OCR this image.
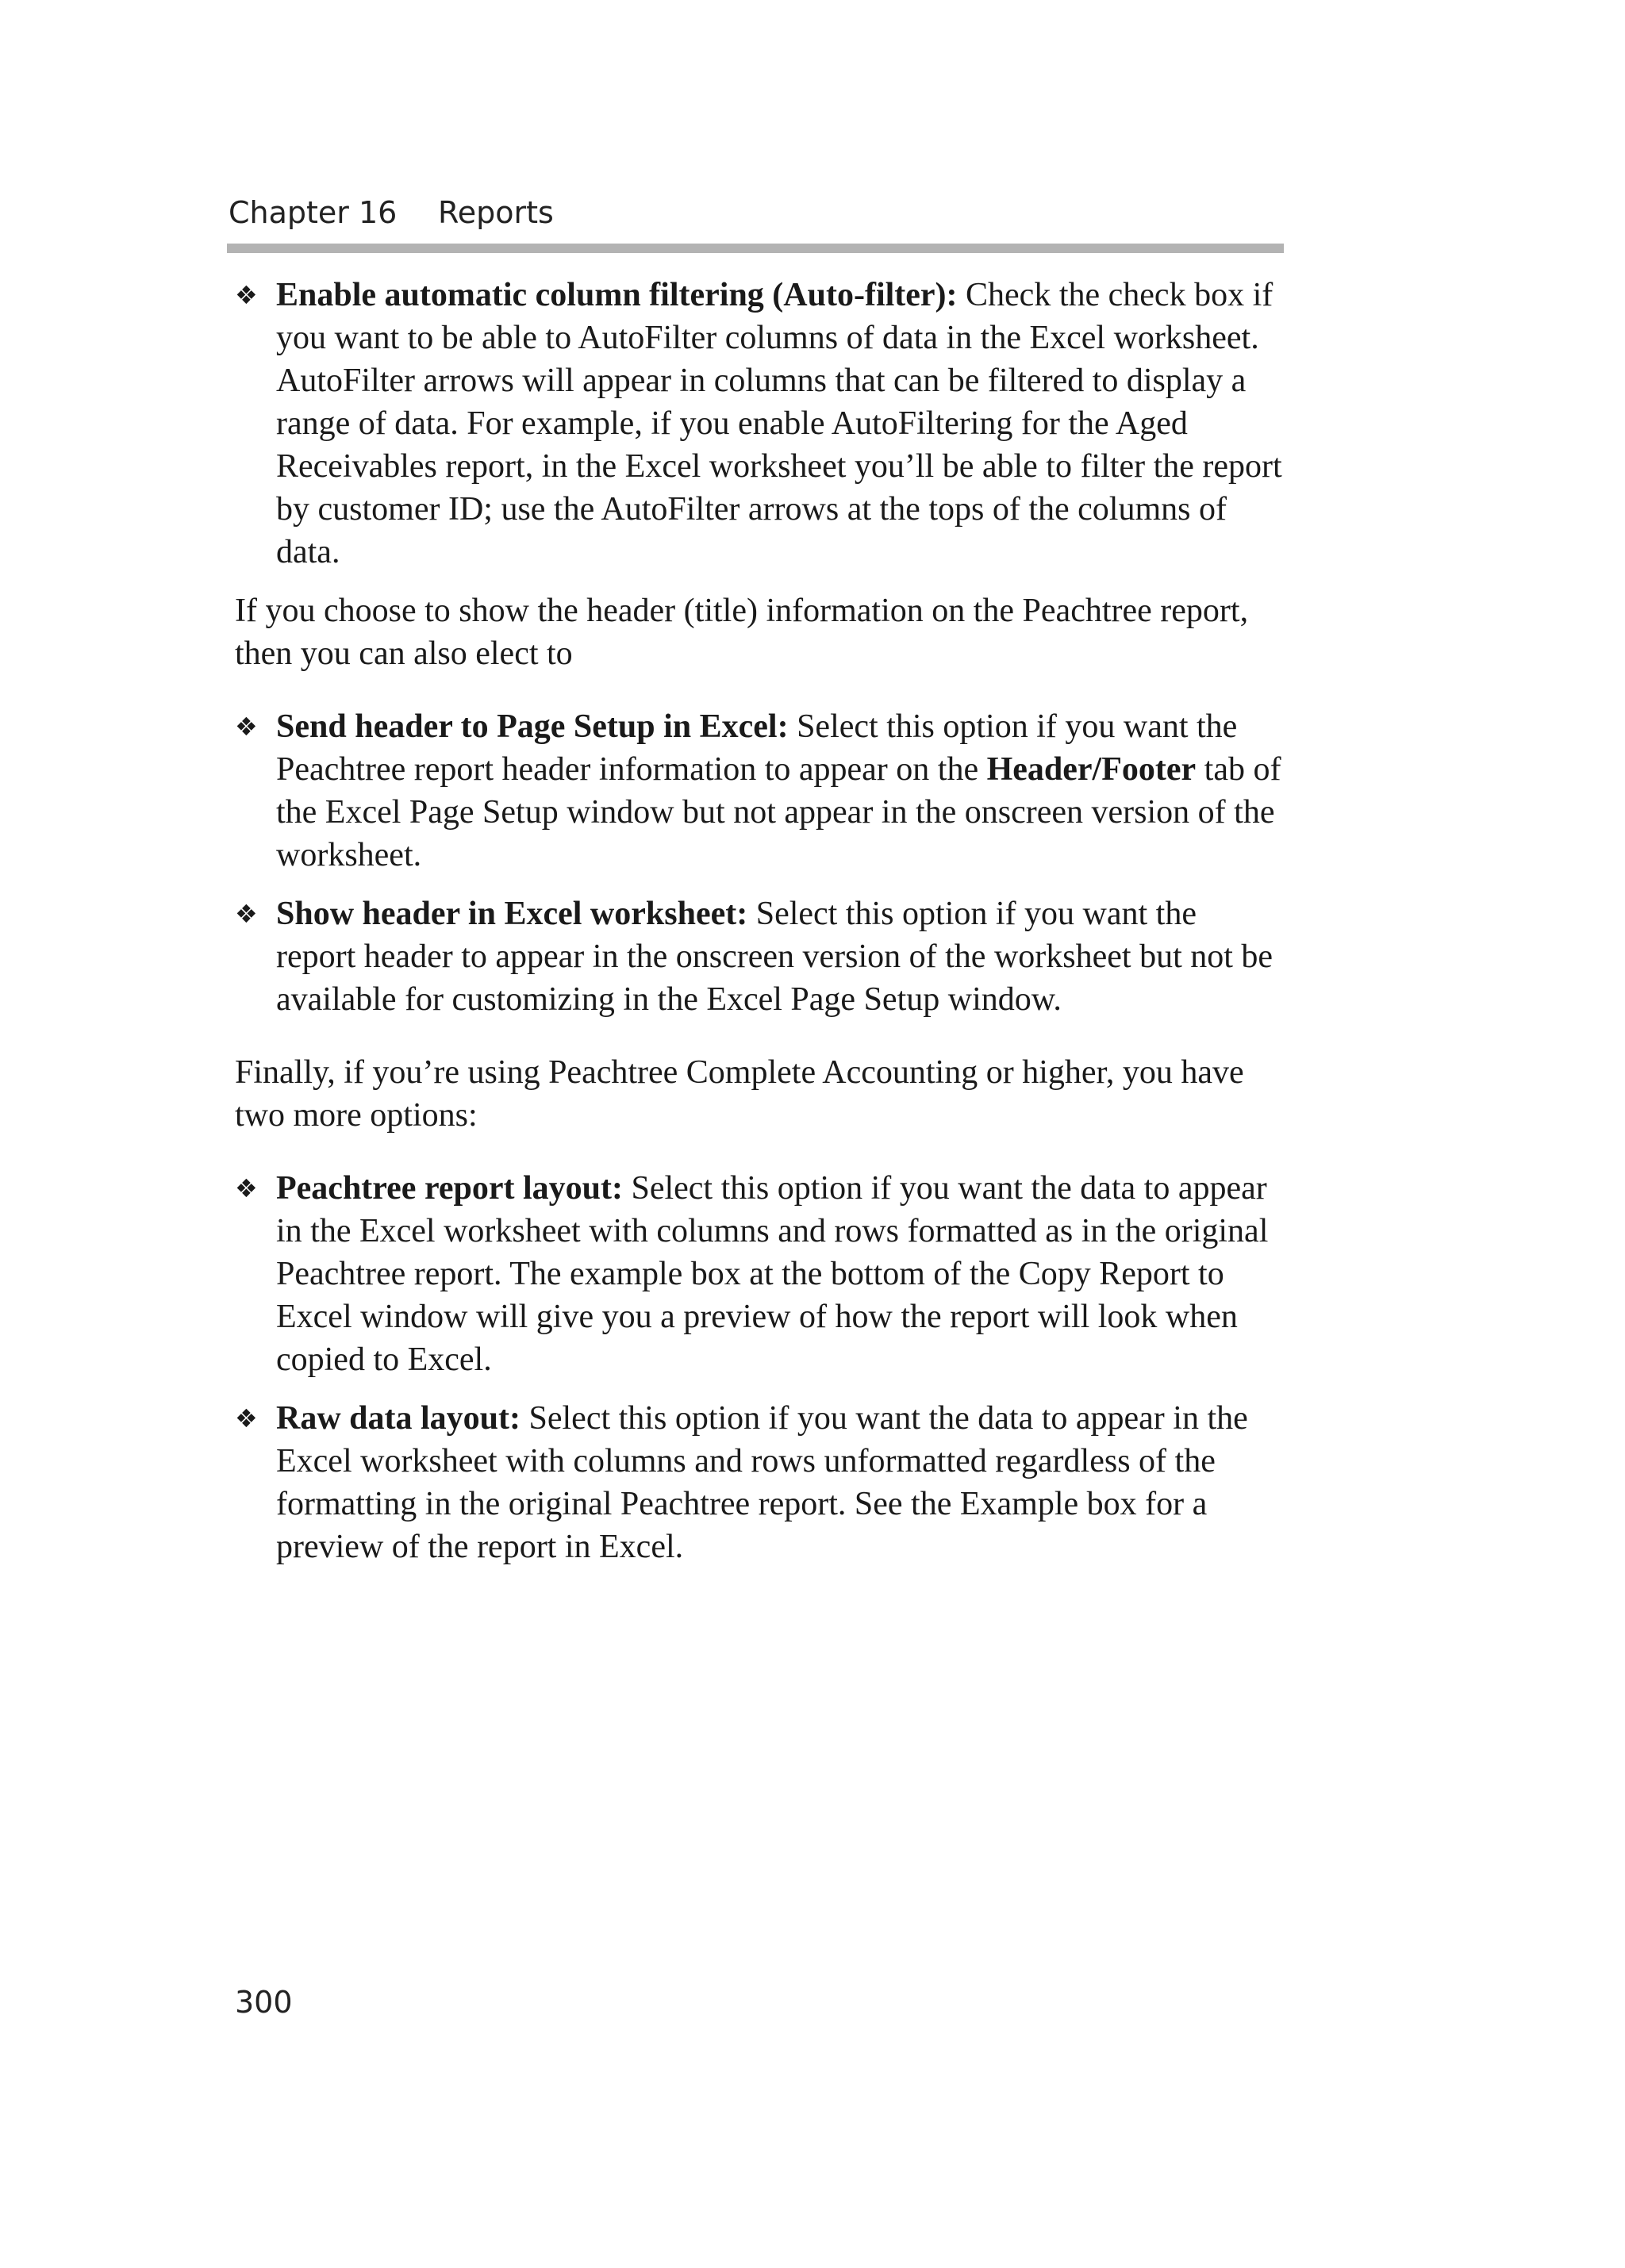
Chapter 16 Reports
❖ Enable automatic column filtering (Auto-filter): Check the check box if you want to be able to AutoFilter columns of data in the Excel worksheet. AutoFilter arrows will appear in columns that can be filtered to display a range of data. For example, if you enable AutoFiltering for the Aged Receivables report, in the Excel worksheet you’ll be able to filter the report by customer ID; use the AutoFilter arrows at the tops of the columns of data.

If you choose to show the header (title) information on the Peachtree report, then you can also elect to

❖ Send header to Page Setup in Excel: Select this option if you want the Peachtree report header information to appear on the Header/Footer tab of the Excel Page Setup window but not appear in the onscreen version of the worksheet.
❖ Show header in Excel worksheet: Select this option if you want the report header to appear in the onscreen version of the worksheet but not be available for customizing in the Excel Page Setup window.

Finally, if you’re using Peachtree Complete Accounting or higher, you have two more options:

❖ Peachtree report layout: Select this option if you want the data to appear in the Excel worksheet with columns and rows formatted as in the original Peachtree report. The example box at the bottom of the Copy Report to Excel window will give you a preview of how the report will look when copied to Excel.
❖ Raw data layout: Select this option if you want the data to appear in the Excel worksheet with columns and rows unformatted regardless of the formatting in the original Peachtree report. See the Example box for a preview of the report in Excel.
300
